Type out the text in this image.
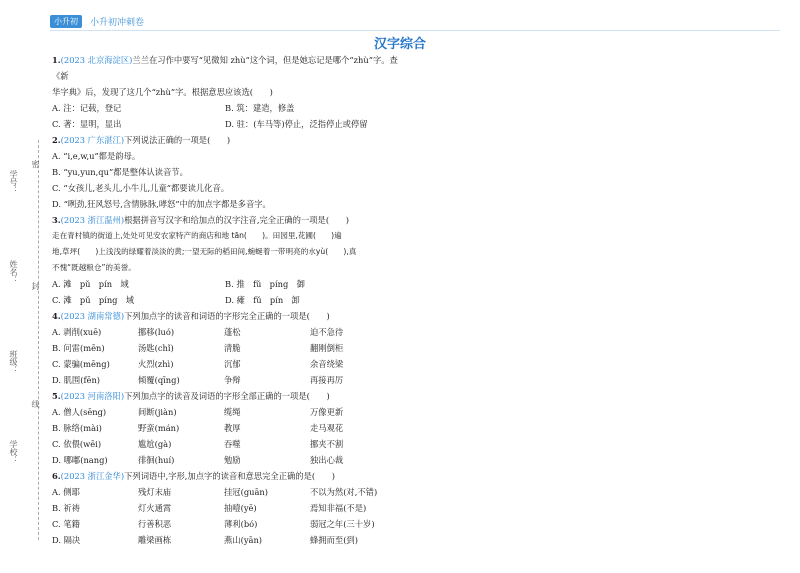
小升初	小升初冲刺卷
汉字综合
学号：
姓名：
班级：
学校：
密
封
线
1.(2023 北京海淀区)兰兰在习作中要写“见微知 zhù”这个词，但是她忘记是哪个“zhù”字。查《新
华字典》后，发现了这几个“zhù”字。根据意思应该选(　　)
A. 注：记载，登记	B. 筑：建造，修盖
C. 著：显明，显出	D. 驻：(车马等)停止，泛指停止或停留
2.(2023 广东湛江)下列说法正确的一项是(　　)
A. “i,e,w,u”都是韵母。
B. “yu,yun,qu”都是整体认读音节。
C. “女孩儿,老头儿,小牛儿,儿童”都要读儿化音。
D. “咧劲,狂风怒号,含情脉脉,哮怒”中的加点字都是多音字。
3.(2023 浙江温州)根据拼音写汉字和给加点的汉字注音,完全正确的一项是(　　)
走在青村镇的街道上,处处可见安农家特产的商店和地 tān(　　)。田园里,花圃(　　)遍
地,草坪(　　)上浅浅的绿耀着淡淡的黄;一望无际的稻田间,蜿蜒着一带明亮的水yù(　　),真
不愧“既越粮仓”的美誉。
A. 滩　pǔ　pín　域	B. 推　fǔ　píng　御
C. 滩　pǔ　píng　域	D. 瘫　fǔ　pín　卸
4.(2023 湖南常德)下列加点字的读音和词语的字形完全正确的一项是(　　)
A. 剥削(xuē)	挪移(luó)	蓬松	迫不急待
B. 问雷(mēn)	汤匙(chǐ)	清脆	翻刚倒柜
C. 蒙骗(mēng)	火烈(zhì)	沉郁	余音绕梁
D. 肌围(fēn)	倾覆(qīng)	争辩	再接再厉
5.(2023 河南洛阳)下列加点字的读音及词语的字形全部正确的一项是(　　)
A. 僧人(sēng)	间断(jiàn)	缆绳	万像更新
B. 脉络(mài)	野蛮(mán)	教厚	走马观花
C. 依偎(wēi)	尴尬(gà)	吞噬	挪夹不割
D. 哪嘟(nang)	徘徊(huí)	勉励	独出心裁
6.(2023 浙江金华)下列词语中,字形,加点字的读音和意思完全正确的是(　　)
A. 侧耶	残灯末庙	挂冠(guān)	不以为然(对,不错)
B. 祈祷	灯火通霄	抽噎(yē)	焉知非福(不是)
C. 笔籍	行善积恶	薄利(bó)	弱冠之年(三十岁)
D. 隔决	雕梁画栋	燕山(yān)	蜂拥而至(到)
